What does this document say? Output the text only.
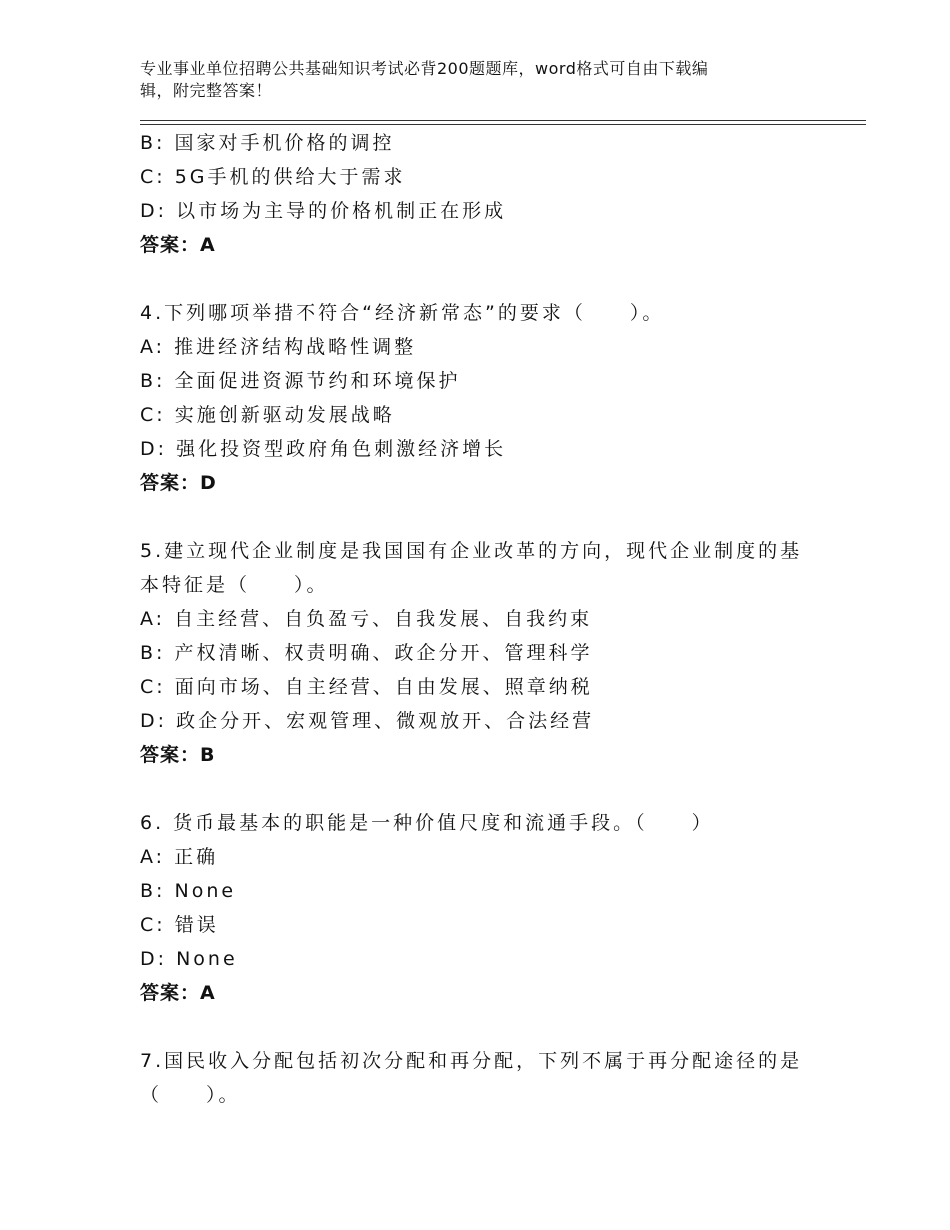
专业事业单位招聘公共基础知识考试必背200题题库，word格式可自由下载编
辑，附完整答案！
B: 国家对手机价格的调控
C: 5G手机的供给大于需求
D: 以市场为主导的价格机制正在形成
答案：A
4.下列哪项举措不符合“经济新常态”的要求（　　）。
A: 推进经济结构战略性调整
B: 全面促进资源节约和环境保护
C: 实施创新驱动发展战略
D: 强化投资型政府角色刺激经济增长
答案：D
5.建立现代企业制度是我国国有企业改革的方向，现代企业制度的基
本特征是（　　）。
A: 自主经营、自负盈亏、自我发展、自我约束
B: 产权清晰、权责明确、政企分开、管理科学
C: 面向市场、自主经营、自由发展、照章纳税
D: 政企分开、宏观管理、微观放开、合法经营
答案：B
6. 货币最基本的职能是一种价值尺度和流通手段。（　　）
A: 正确
B: None
C: 错误
D: None
答案：A
7.国民收入分配包括初次分配和再分配，下列不属于再分配途径的是
（　　）。
